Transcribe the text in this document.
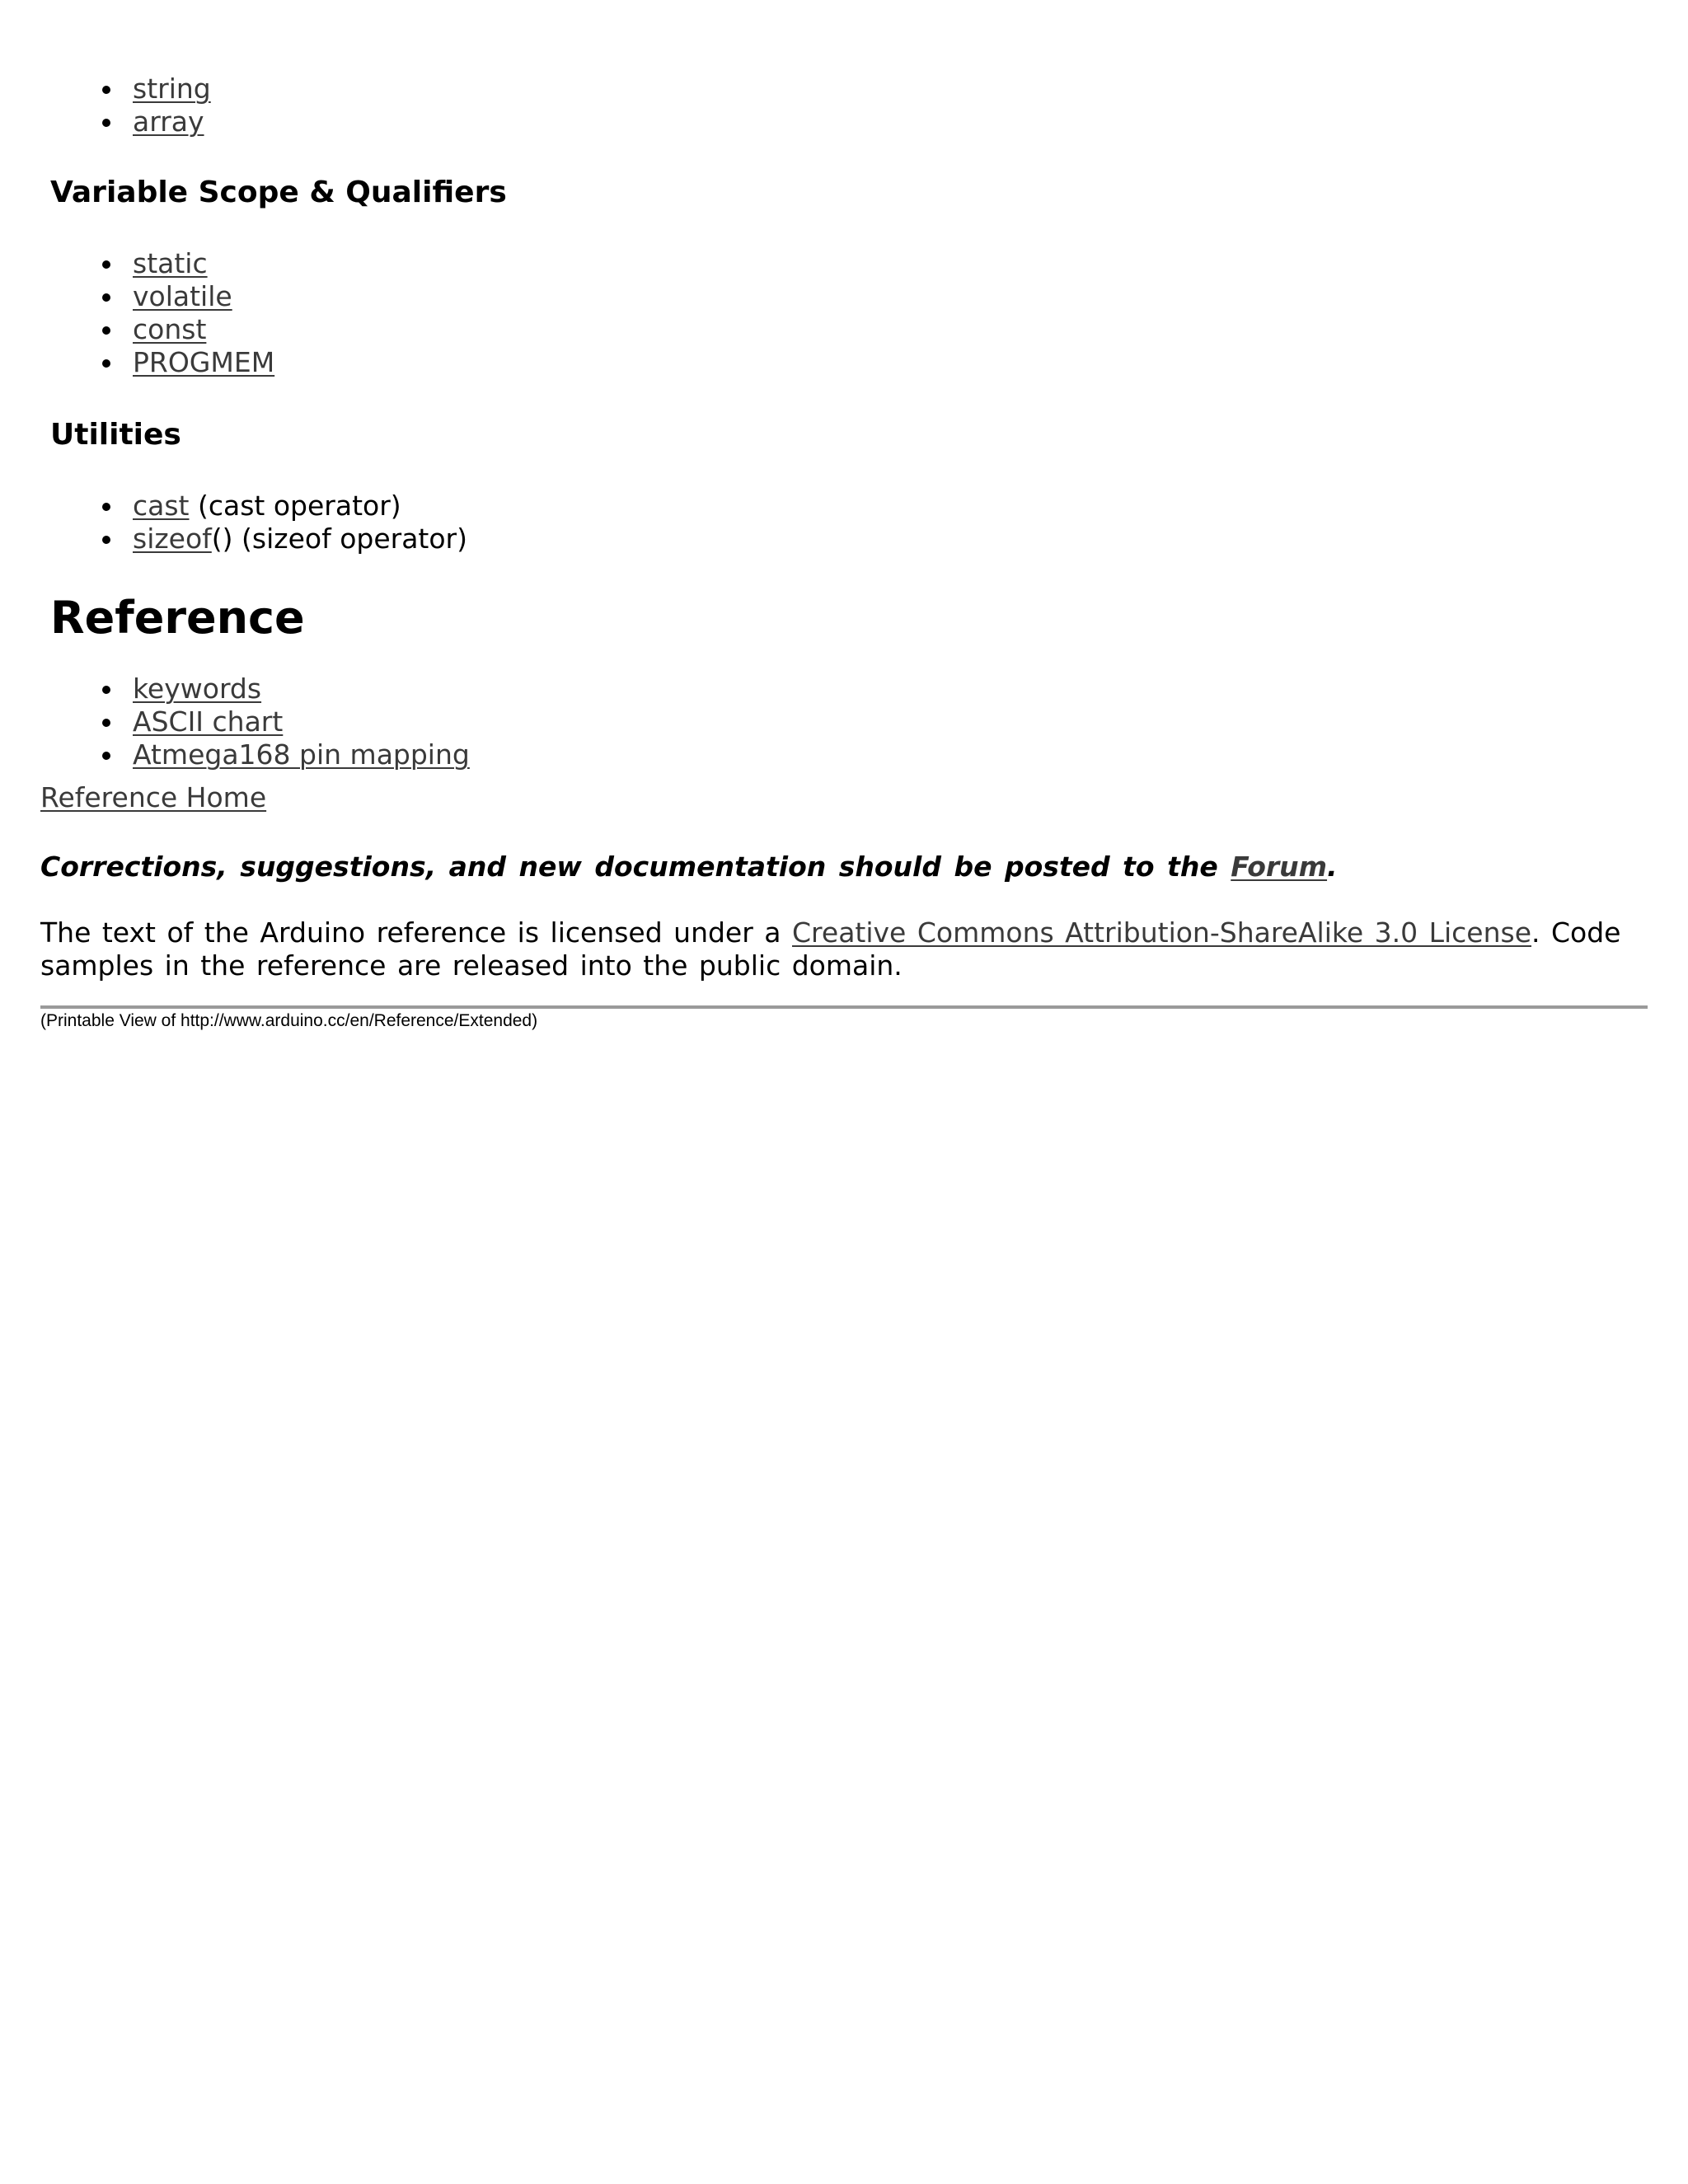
string
array
Variable Scope & Qualifiers
static
volatile
const
PROGMEM
Utilities
cast (cast operator)
sizeof() (sizeof operator)
Reference
keywords
ASCII chart
Atmega168 pin mapping
Reference Home
Corrections, suggestions, and new documentation should be posted to the Forum.
The text of the Arduino reference is licensed under a Creative Commons Attribution-ShareAlike 3.0 License. Code samples in the reference are released into the public domain.
(Printable View of http://www.arduino.cc/en/Reference/Extended)
